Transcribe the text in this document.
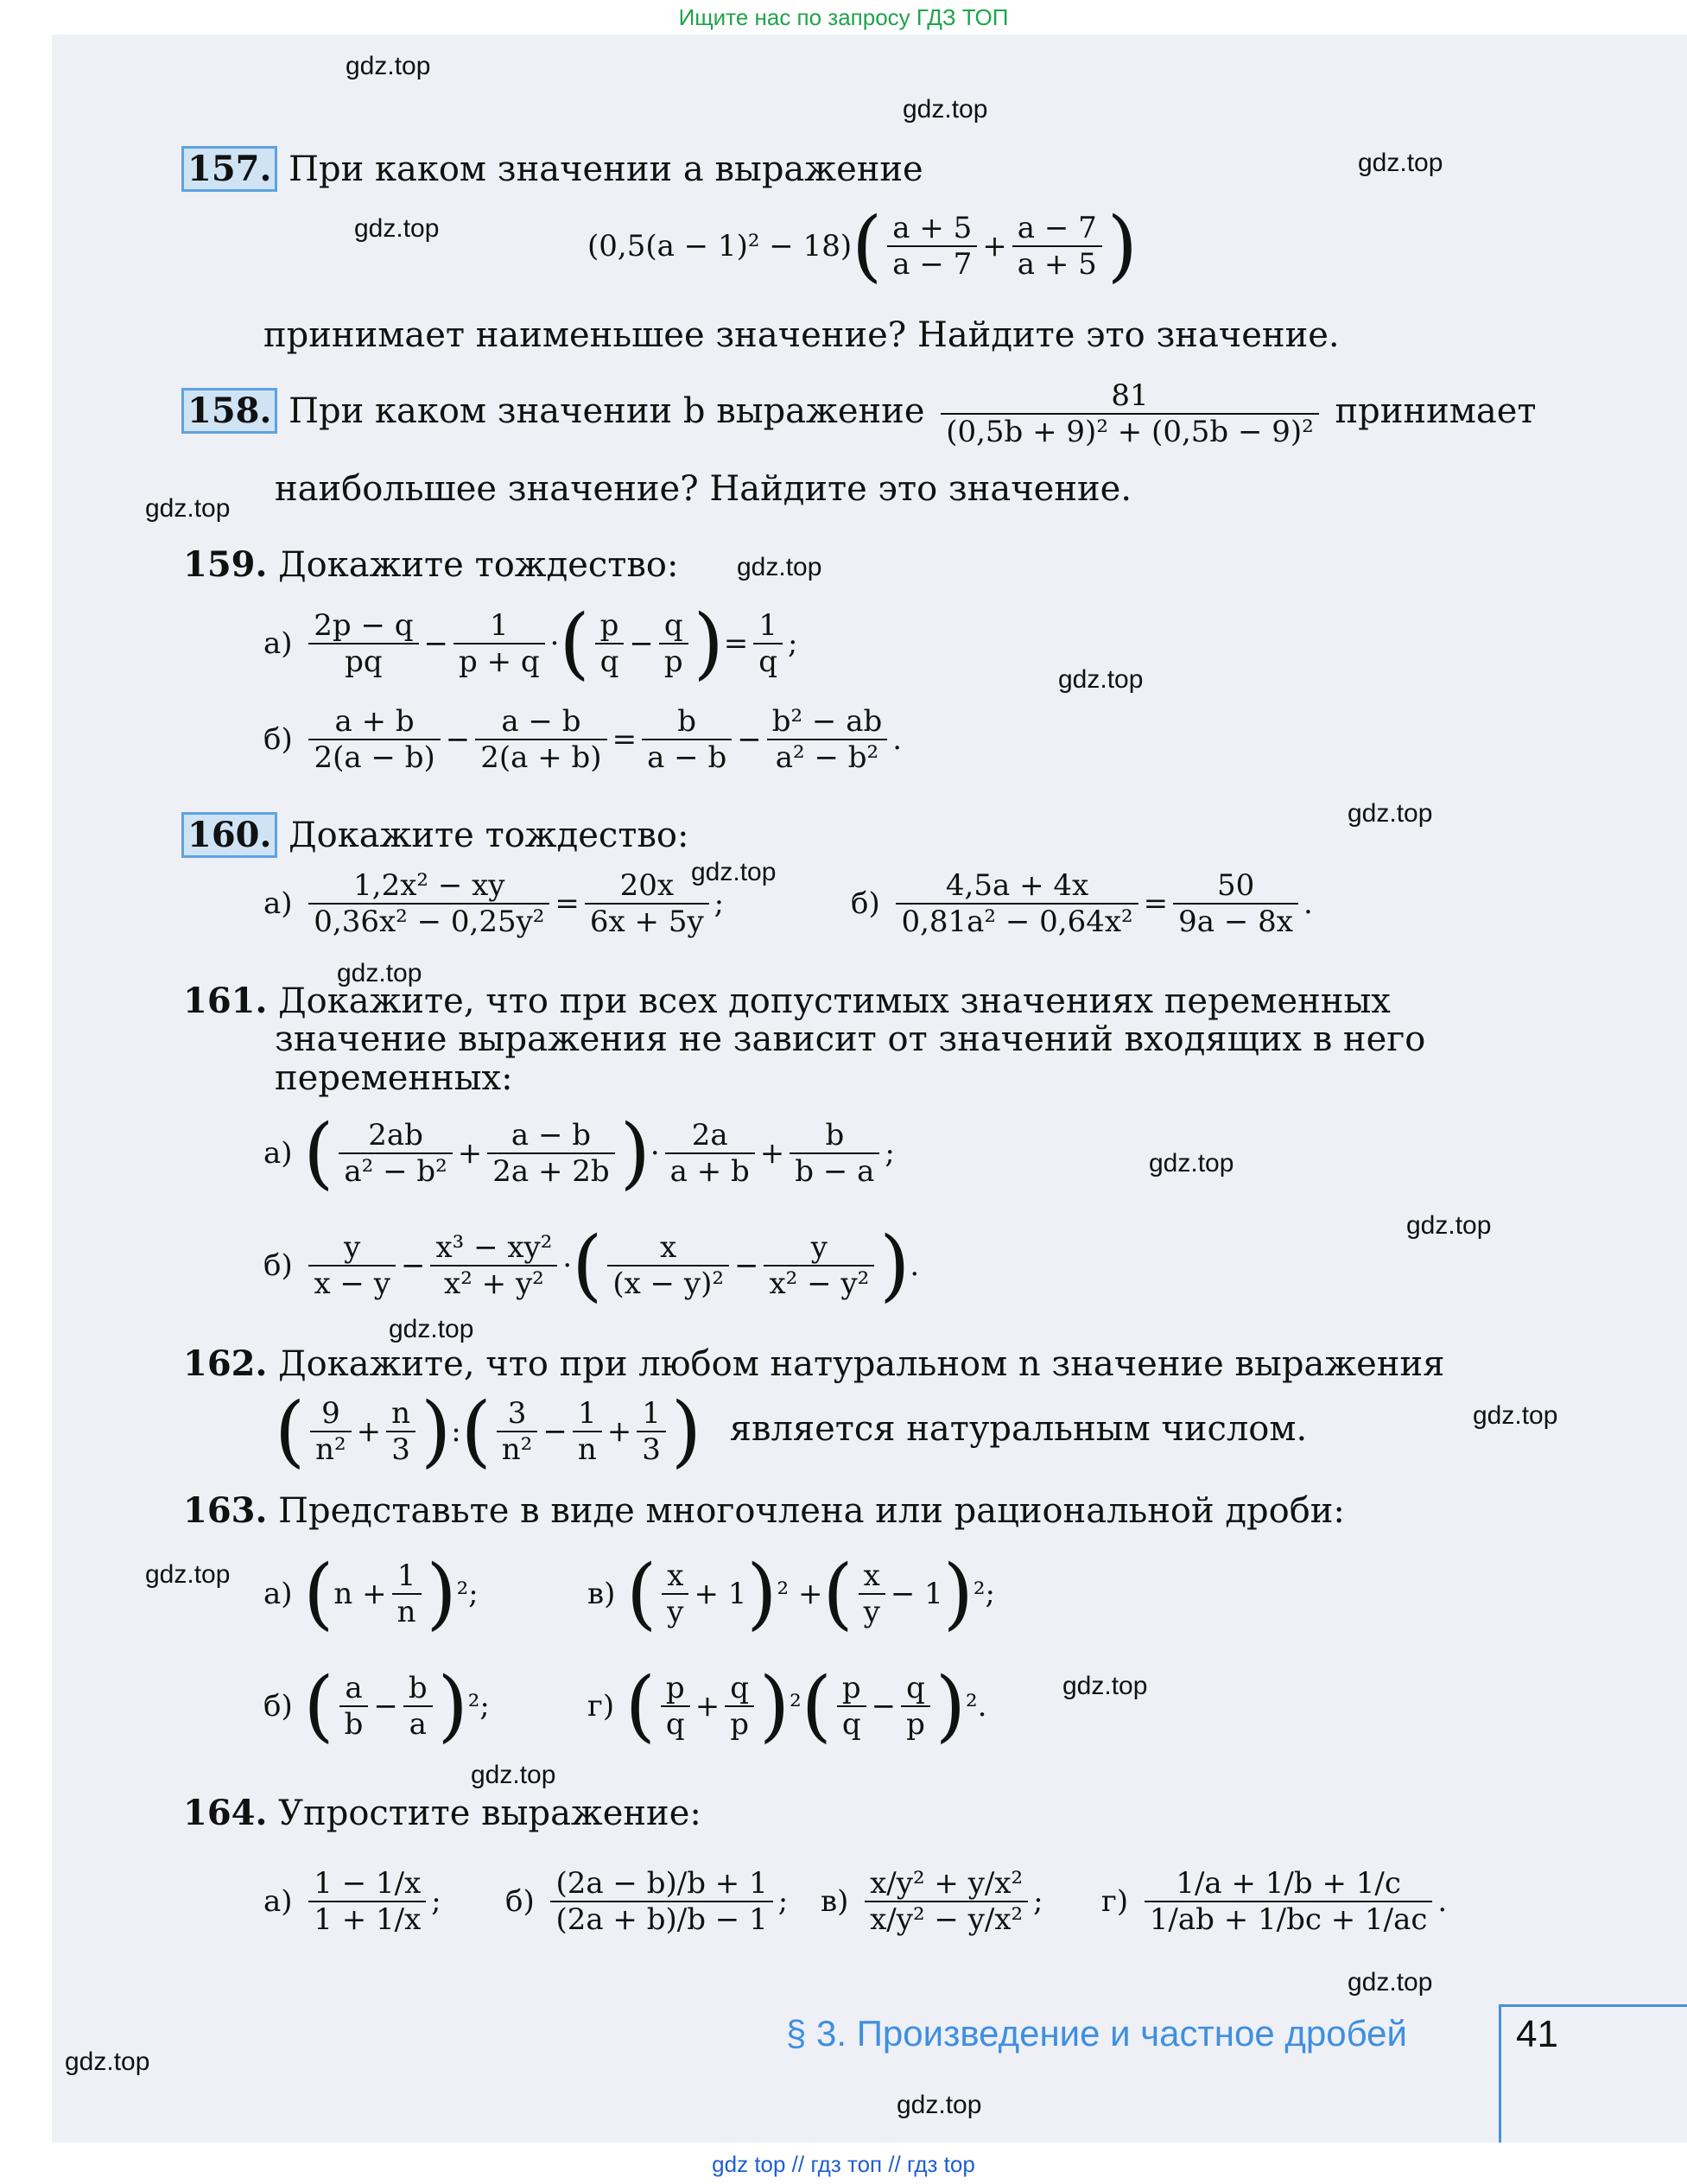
Ищите нас по запросу ГДЗ ТОП
gdz.top
gdz.top
gdz.top
gdz.top
gdz.top
gdz.top
gdz.top
gdz.top
gdz.top
gdz.top
gdz.top
gdz.top
gdz.top
gdz.top
gdz.top
gdz.top
gdz.top
gdz.top
gdz.top
gdz.top
157. При каком значении a выражение
$(0,5(a - 1)^2 - 18)( \frac{a + 5}{a - 7} + \frac{a - 7}{a + 5}$ )
принимает наименьшее значение? Найдите это значение.
158. При каком значении b выражение $\frac{81}{\text{(0,5b + 9)² + (0,5b − 9)²}}$ принимает
наибольшее значение? Найдите это значение.
159. Докажите тождество:
$а) \frac{2p - q}{pq} - \frac{1}{p + q}$ ·( $\frac{p}{q} - \frac{q}{p}$ )= $\frac{1}{q}$ ;
$б) \frac{a + b}{2(a - b)} - \frac{a - b}{2(a + b)} = \frac{b}{a - b} - \frac{\text{b² − ab}}{\text{a² − b²}}$ .
160. Докажите тождество:
$а) \frac{\text{1,2x² − xy}}{\text{0,36x² − 0,25y²}} = \frac{20x}{6x + 5y}$ ;	$б) \frac{4,5a + 4x}{\text{0,81a² − 0,64x²}} = \frac{50}{9a - 8x}$ .
161. Докажите, что при всех допустимых значениях переменных
значение выражения не зависит от значений входящих в него
переменных:
а) ( $\frac{2ab}{\text{a² − b²}} + \frac{a - b}{2a + 2b}$ )· $\frac{2a}{a + b} + \frac{b}{b - a}$ ;
$б) \frac{y}{x - y} - \frac{\text{x³ − xy²}}{\text{x² + y²}}$ ·( $\frac{x}{\text{(x − y)²}} - \frac{y}{\text{x² − y²}}$ ).
162. Докажите, что при любом натуральном n значение выражения
( $\frac{9}{\text{n²}} + \frac{n}{3}$ ):( $\frac{3}{\text{n²}} - \frac{1}{n} + \frac{1}{3}$ ) является натуральным числом.
163. Представьте в виде многочлена или рациональной дроби:
а) $(n + \frac{1}{n} )^2$;	в) ( $\frac{x}{y} + 1)^2$ +( $\frac{x}{y} - 1)^2$;
б) ( $\frac{a}{b} - \frac{b}{a} )^2$;	г) ( $\frac{p}{q} + \frac{q}{p} )^2( \frac{p}{q} - \frac{q}{p} )^2$.
164. Упростите выражение:
$а) \frac{1 - 1/x}{1 + 1/x}$ ; $б) \frac{(2a - b)/b + 1}{(2a + b)/b - 1}$ ; $в) \frac{\text{x/y² + y/x²}}{\text{x/y² − y/x²}}$ ; $г) \frac{1/a + 1/b + 1/c}{1/ab + 1/bc + 1/ac}$ .
§ 3. Произведение и частное дробей	41
gdz top // гдз топ // гдз top
